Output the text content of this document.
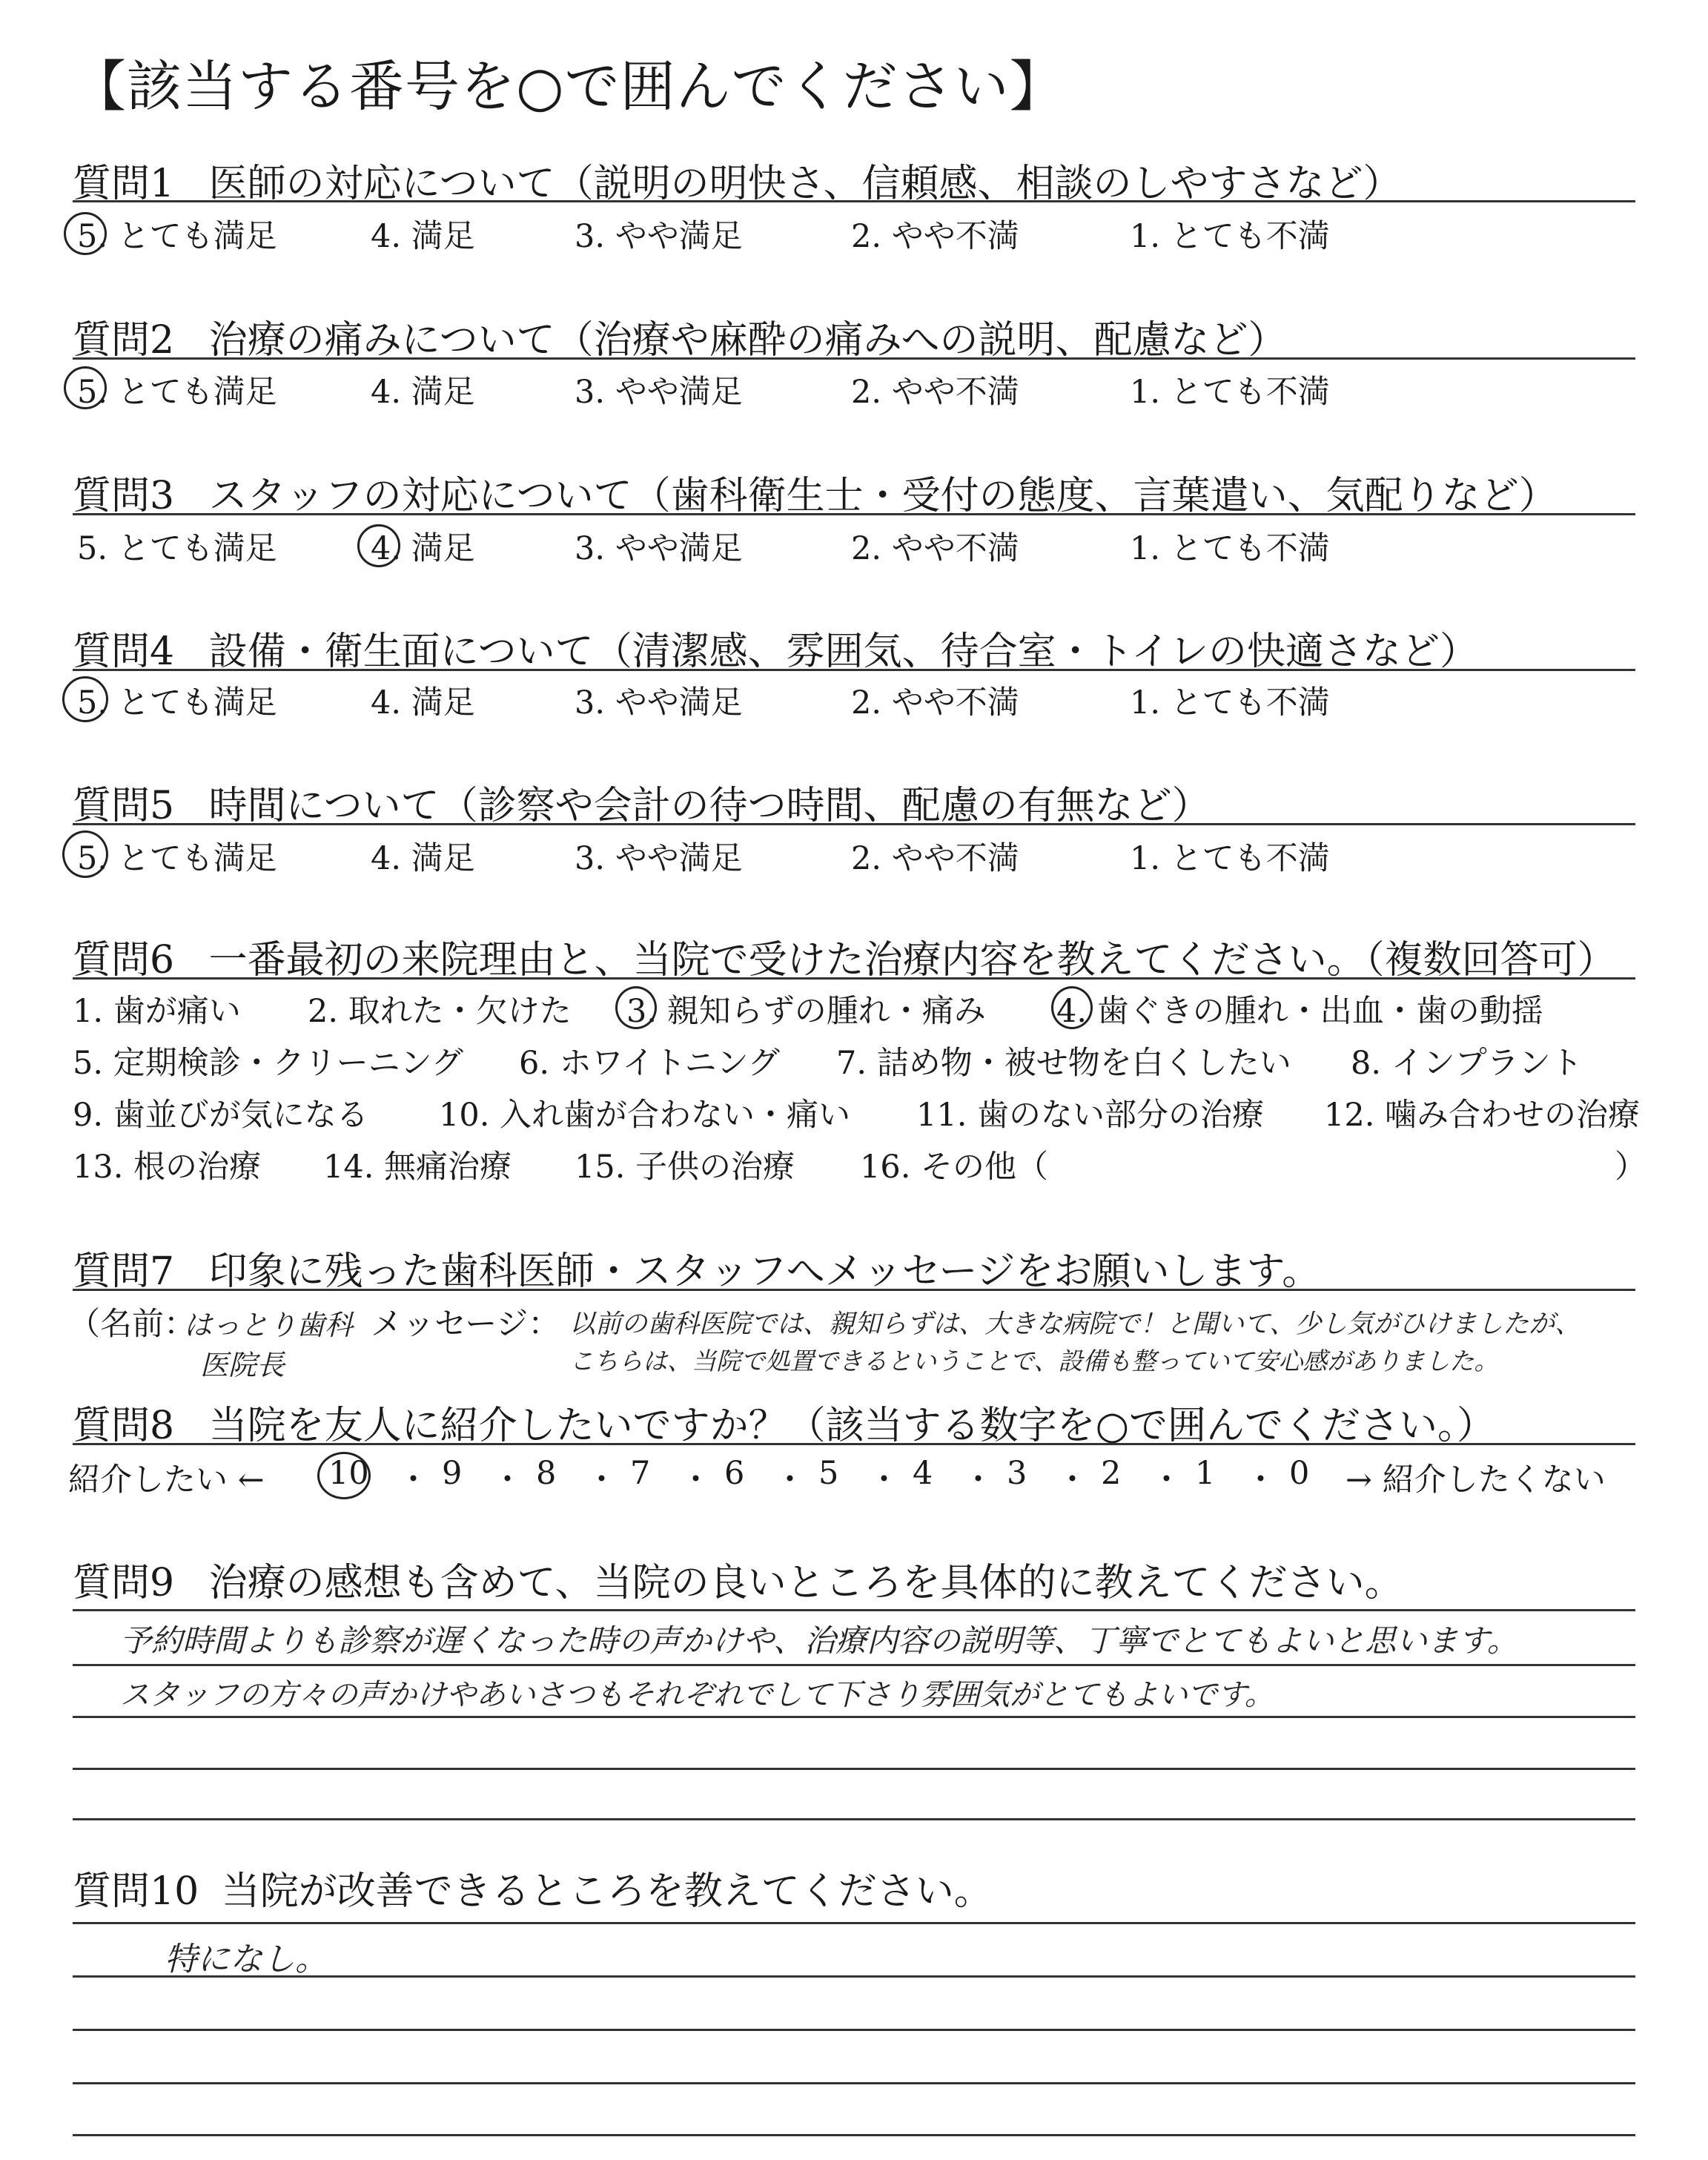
【該当する番号を○で囲んでください】
質問1 医師の対応について（説明の明快さ、信頼感、相談のしやすさなど）
5. とても満足	4. 満足	3. やや満足	2. やや不満	1. とても不満
質問2 治療の痛みについて（治療や麻酔の痛みへの説明、配慮など）
5. とても満足	4. 満足	3. やや満足	2. やや不満	1. とても不満
質問3 スタッフの対応について（歯科衛生士・受付の態度、言葉遣い、気配りなど）
5. とても満足	4. 満足	3. やや満足	2. やや不満	1. とても不満
質問4 設備・衛生面について（清潔感、雰囲気、待合室・トイレの快適さなど）
5. とても満足	4. 満足	3. やや満足	2. やや不満	1. とても不満
質問5 時間について（診察や会計の待つ時間、配慮の有無など）
5. とても満足	4. 満足	3. やや満足	2. やや不満	1. とても不満
質問6 一番最初の来院理由と、当院で受けた治療内容を教えてください。（複数回答可）
1. 歯が痛い 2. 取れた・欠けた 3. 親知らずの腫れ・痛み 4. 歯ぐきの腫れ・出血・歯の動揺
5. 定期検診・クリーニング 6. ホワイトニング 7. 詰め物・被せ物を白くしたい 8. インプラント
9. 歯並びが気になる 10. 入れ歯が合わない・痛い 11. 歯のない部分の治療 12. 噛み合わせの治療
13. 根の治療 14. 無痛治療 15. 子供の治療 16. その他（	）
質問7 印象に残った歯科医師・スタッフへメッセージをお願いします。
（名前：
はっとり歯科
医院長
メッセージ： 以前の歯科医院では、親知らずは、大きな病院で！と聞いて、少し気がひけましたが、
こちらは、当院で処置できるということで、設備も整っていて安心感がありました。
質問8 当院を友人に紹介したいですか？（該当する数字を○で囲んでください。）
紹介したい ← 10 ・ 9 ・ 8 ・ 7 ・ 6 ・ 5 ・ 4 ・ 3 ・ 2 ・ 1 ・ 0 → 紹介したくない
質問9 治療の感想も含めて、当院の良いところを具体的に教えてください。
予約時間よりも診察が遅くなった時の声かけや、治療内容の説明等、丁寧でとてもよいと思います。
スタッフの方々の声かけやあいさつもそれぞれでして下さり雰囲気がとてもよいです。
質問10 当院が改善できるところを教えてください。
特になし。
